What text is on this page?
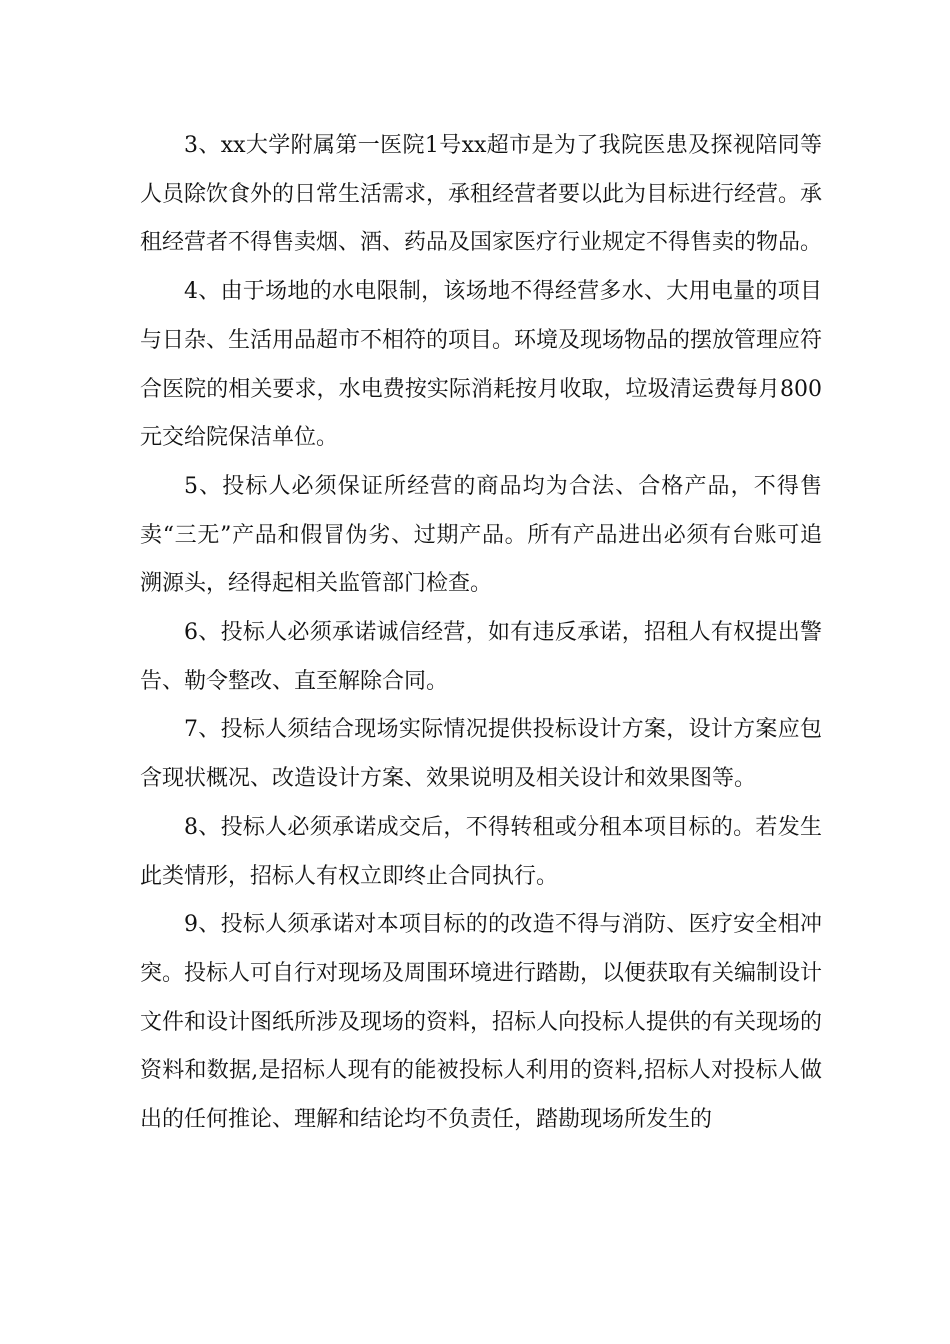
3、xx大学附属第一医院1号xx超市是为了我院医患及探视陪同等人员除饮食外的日常生活需求，承租经营者要以此为目标进行经营。承租经营者不得售卖烟、酒、药品及国家医疗行业规定不得售卖的物品。

4、由于场地的水电限制，该场地不得经营多水、大用电量的项目与日杂、生活用品超市不相符的项目。环境及现场物品的摆放管理应符合医院的相关要求，水电费按实际消耗按月收取，垃圾清运费每月800元交给院保洁单位。

5、投标人必须保证所经营的商品均为合法、合格产品，不得售卖“三无”产品和假冒伪劣、过期产品。所有产品进出必须有台账可追溯源头，经得起相关监管部门检查。

6、投标人必须承诺诚信经营，如有违反承诺，招租人有权提出警告、勒令整改、直至解除合同。

7、投标人须结合现场实际情况提供投标设计方案，设计方案应包含现状概况、改造设计方案、效果说明及相关设计和效果图等。

8、投标人必须承诺成交后，不得转租或分租本项目标的。若发生此类情形，招标人有权立即终止合同执行。

9、投标人须承诺对本项目标的的改造不得与消防、医疗安全相冲突。投标人可自行对现场及周围环境进行踏勘，以便获取有关编制设计文件和设计图纸所涉及现场的资料，招标人向投标人提供的有关现场的资料和数据,是招标人现有的能被投标人利用的资料,招标人对投标人做出的任何推论、理解和结论均不负责任，踏勘现场所发生的
